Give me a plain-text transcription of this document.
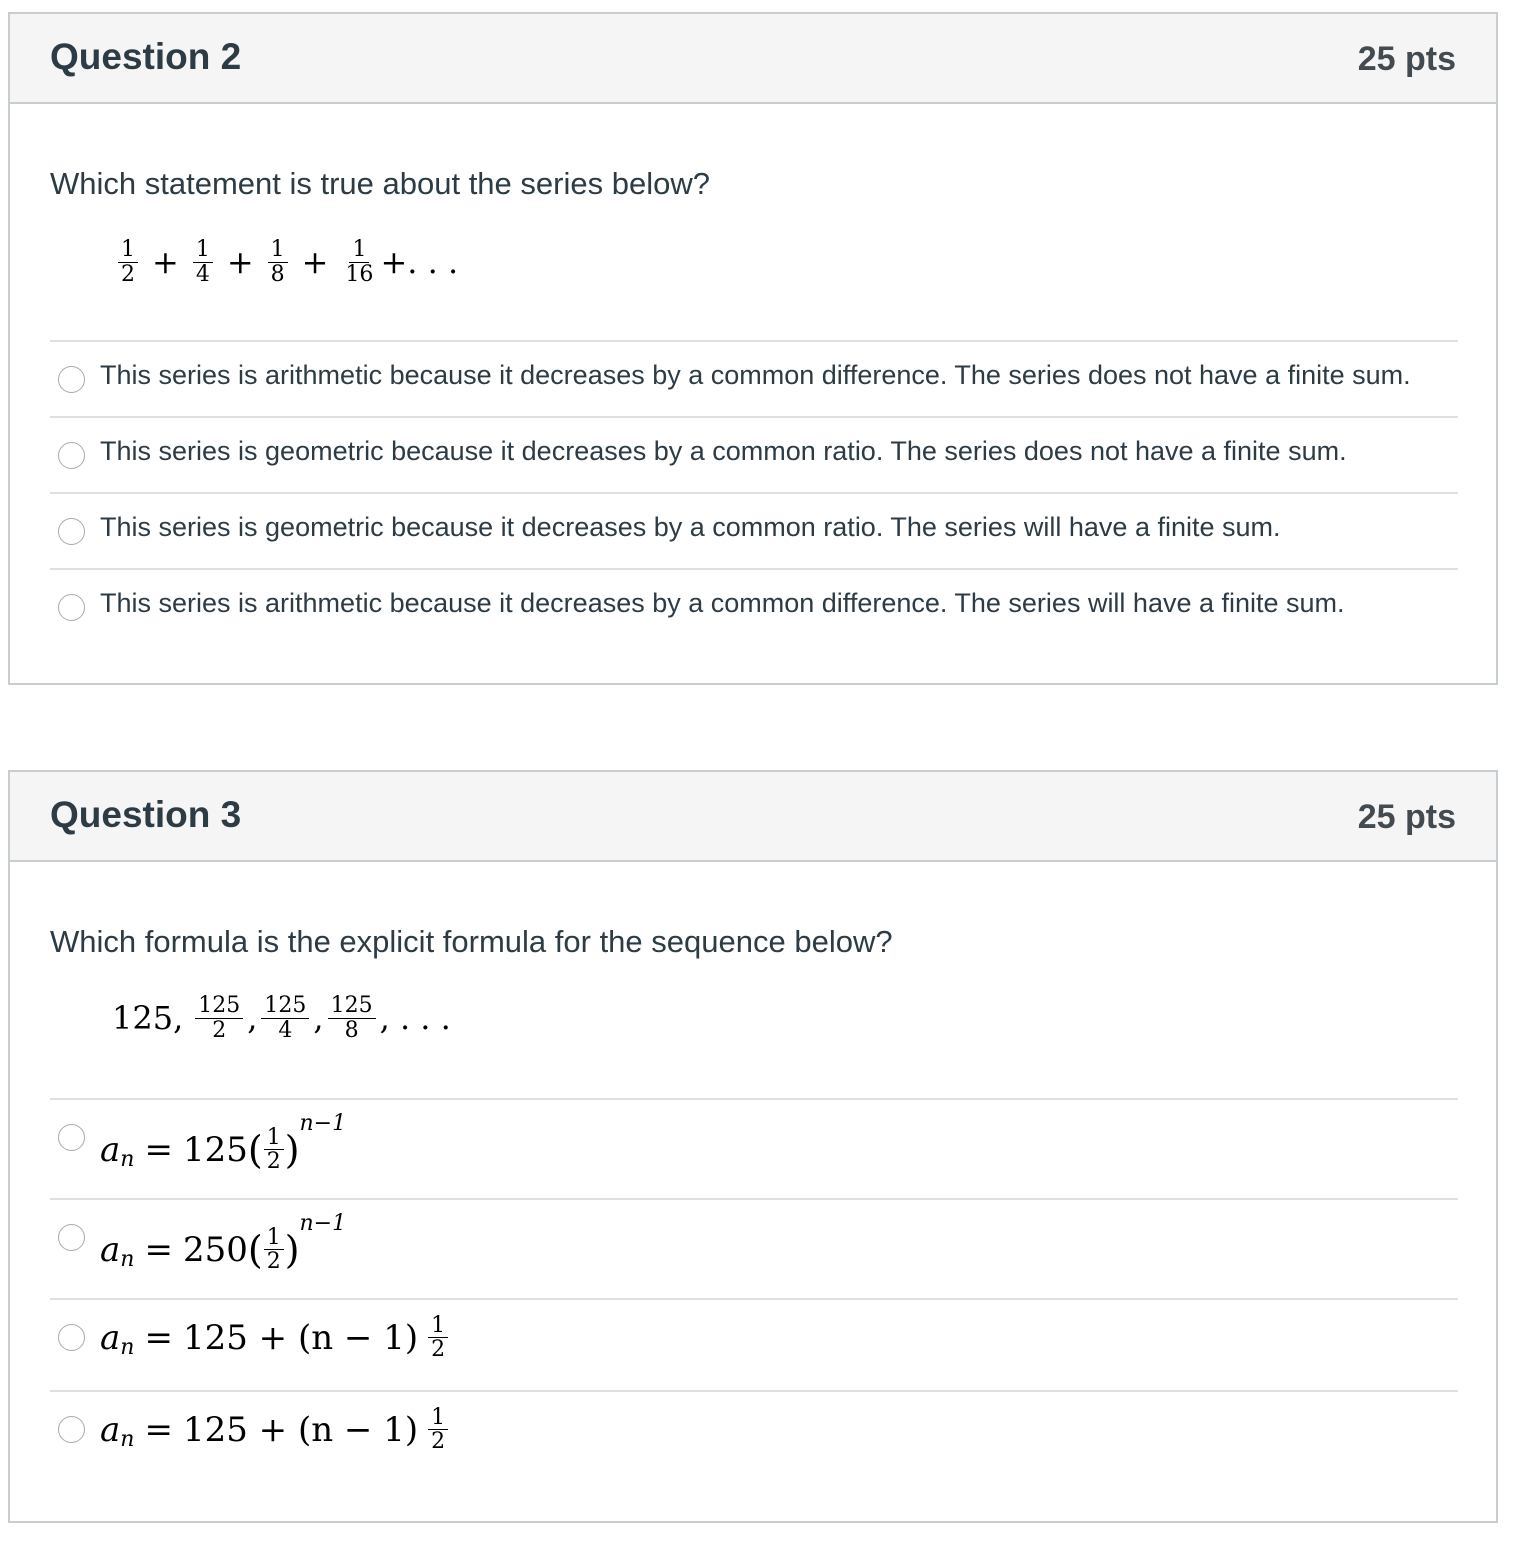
Question 2	25 pts
Which statement is true about the series below?
$\frac{1}{2} + \frac{1}{4} + \frac{1}{8} + \frac{1}{16}$ +. . .
This series is arithmetic because it decreases by a common difference. The series does not have a finite sum.
This series is geometric because it decreases by a common ratio. The series does not have a finite sum.
This series is geometric because it decreases by a common ratio. The series will have a finite sum.
This series is arithmetic because it decreases by a common difference. The series will have a finite sum.
Question 3	25 pts
Which formula is the explicit formula for the sequence below?
125, $\frac{125}{2}$ , $\frac{125}{4}$ , $\frac{125}{8}$ , . . .
a n = 125 ( $\frac{1}{2}$ )
n−1
a n = 250 ( $\frac{1}{2}$ )
n−1
a $n = 125 + (n - 1) \frac{1}{2}$
a $n = 125 + (n - 1) \frac{1}{2}$
